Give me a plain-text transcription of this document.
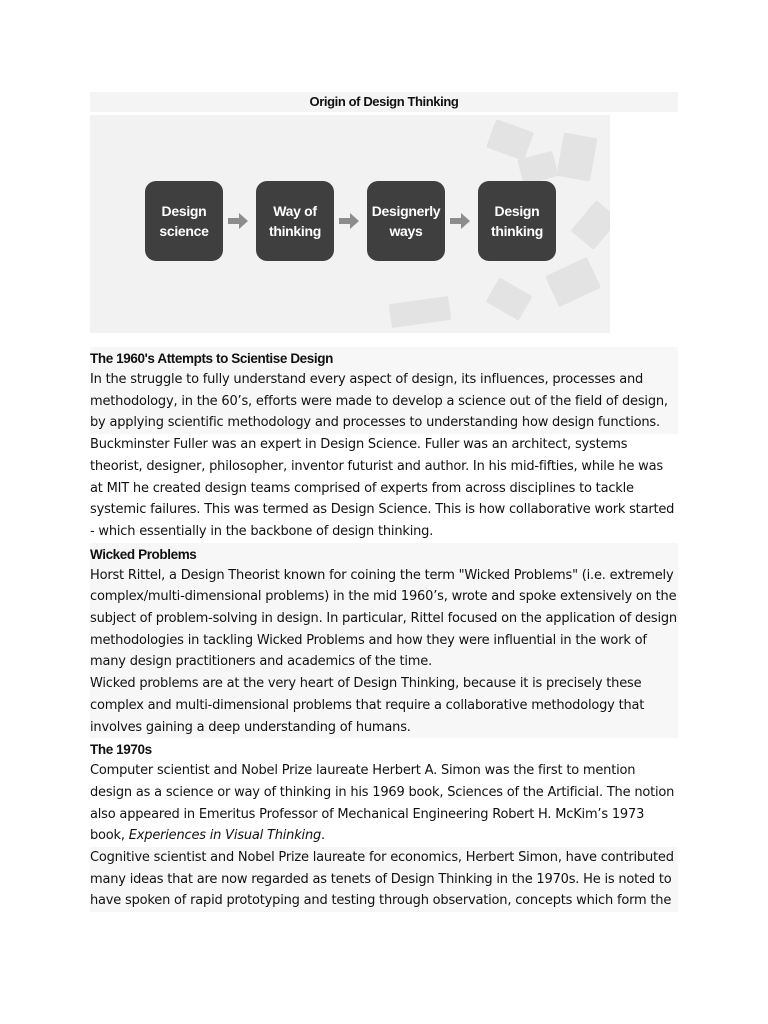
Origin of Design Thinking
Design
science
Way of
thinking
Designerly
ways
Design
thinking
The 1960's Attempts to Scientise Design

In the struggle to fully understand every aspect of design, its influences, processes and methodology, in the 60’s, efforts were made to develop a science out of the field of design, by applying scientific methodology and processes to understanding how design functions.

Buckminster Fuller was an expert in Design Science. Fuller was an architect, systems theorist, designer, philosopher, inventor futurist and author. In his mid-fifties, while he was at MIT he created design teams comprised of experts from across disciplines to tackle systemic failures. This was termed as Design Science. This is how collaborative work started - which essentially in the backbone of design thinking.

Wicked Problems

Horst Rittel, a Design Theorist known for coining the term "Wicked Problems" (i.e. extremely complex/multi-dimensional problems) in the mid 1960’s, wrote and spoke extensively on the subject of problem-solving in design. In particular, Rittel focused on the application of design methodologies in tackling Wicked Problems and how they were influential in the work of many design practitioners and academics of the time.

Wicked problems are at the very heart of Design Thinking, because it is precisely these complex and multi-dimensional problems that require a collaborative methodology that involves gaining a deep understanding of humans.

The 1970s

Computer scientist and Nobel Prize laureate Herbert A. Simon was the first to mention design as a science or way of thinking in his 1969 book, Sciences of the Artificial. The notion also appeared in Emeritus Professor of Mechanical Engineering Robert H. McKim’s 1973
book, Experiences in Visual Thinking.

Cognitive scientist and Nobel Prize laureate for economics, Herbert Simon, have contributed many ideas that are now regarded as tenets of Design Thinking in the 1970s. He is noted to have spoken of rapid prototyping and testing through observation, concepts which form the
